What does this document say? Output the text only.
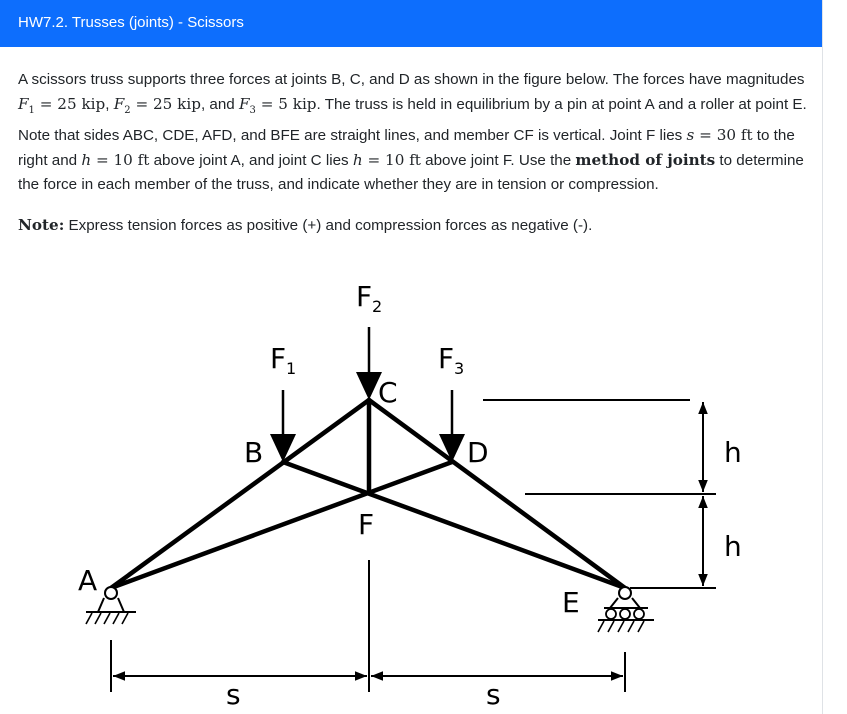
HW7.2. Trusses (joints) - Scissors

A scissors truss supports three forces at joints B, C, and D as shown in the figure below. The forces have magnitudes $F_1 = 25$ kip, $F_2 = 25$ kip, and $F_3 = 5$ kip. The truss is held in equilibrium by a pin at point A and a roller at point E. Note that sides ABC, CDE, AFD, and BFE are straight lines, and member CF is vertical. Joint F lies s = 30 ft to the right and h = 10 ft above joint A, and joint C lies h = 10 ft above joint F. Use the method of joints to determine the force in each member of the truss, and indicate whether they are in tension or compression.

Note: Express tension forces as positive (+) and compression forces as negative (-).

F 2
F 1	F 3
C
B	D
F
A
E
s	s
h
h
